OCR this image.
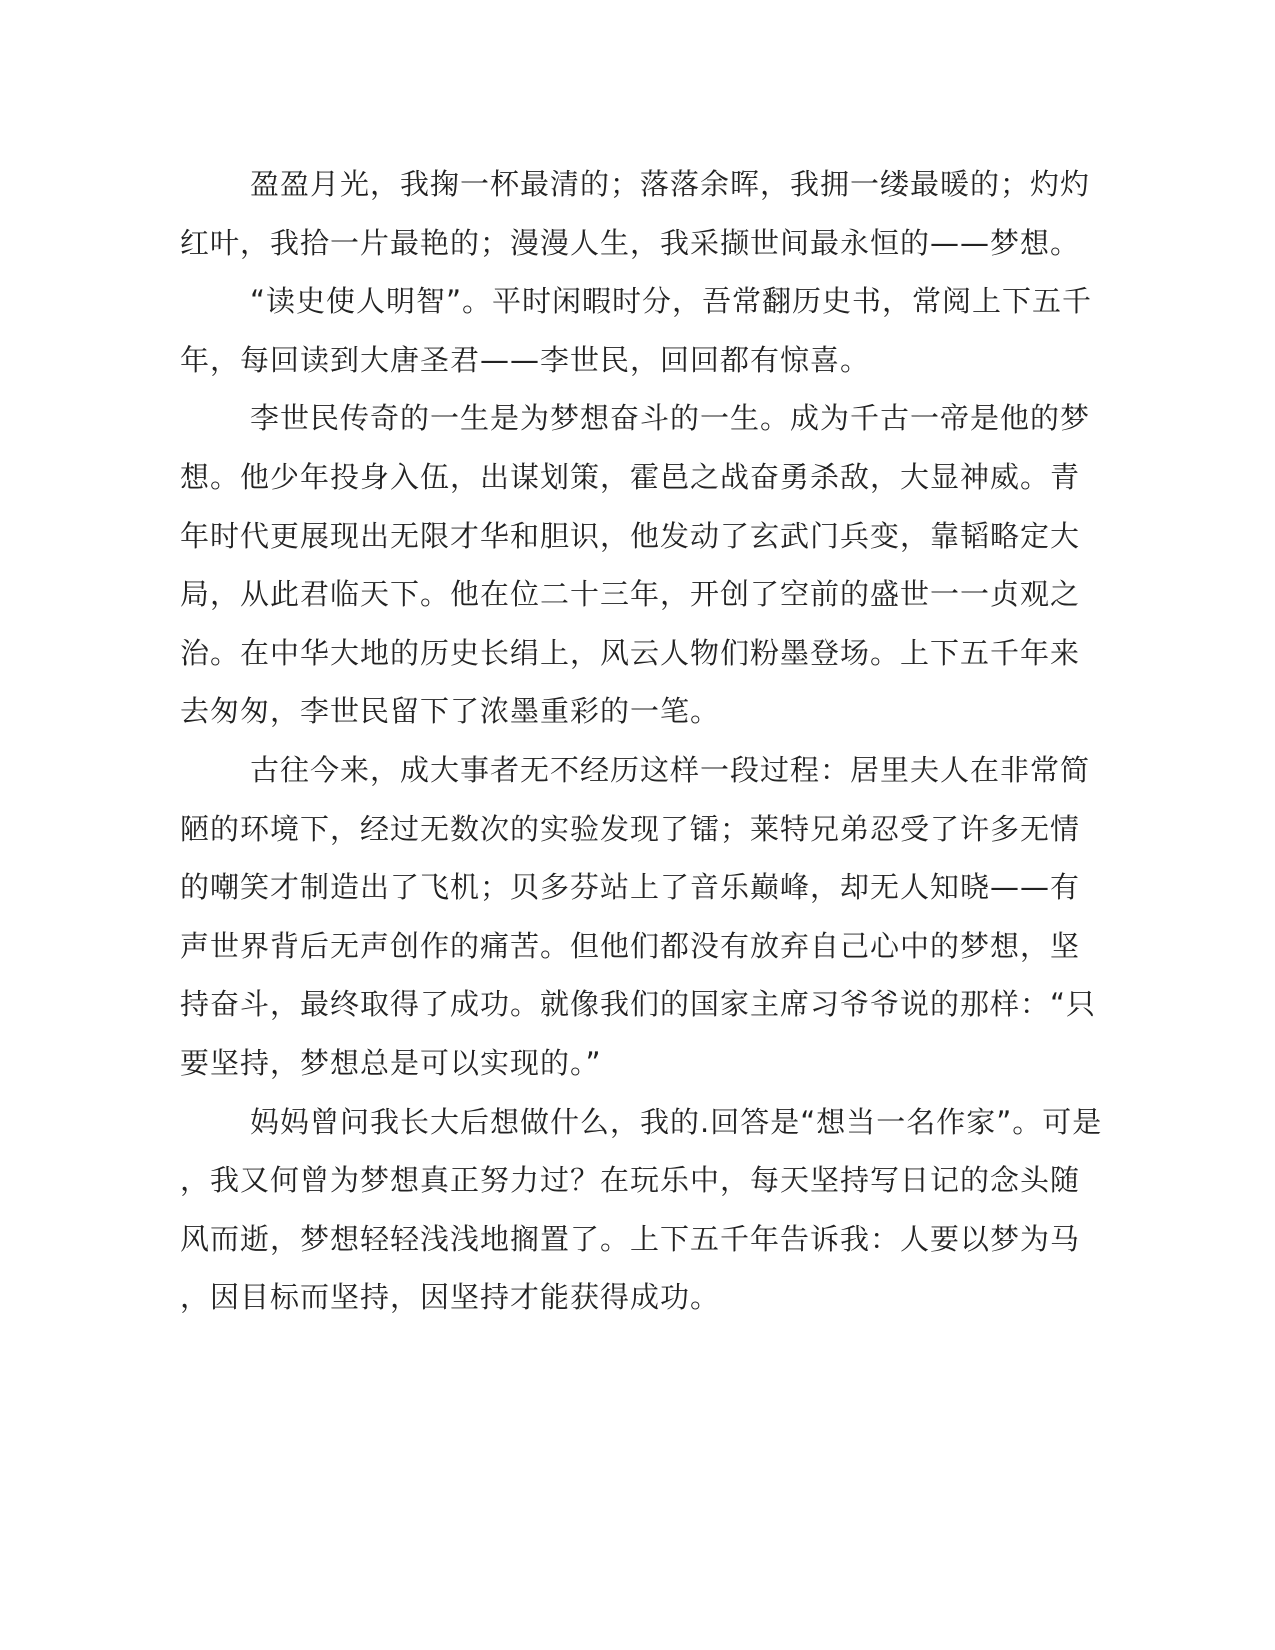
盈盈月光，我掬一杯最清的；落落余晖，我拥一缕最暖的；灼灼
红叶，我拾一片最艳的；漫漫人生，我采撷世间最永恒的——梦想。
“读史使人明智”。平时闲暇时分，吾常翻历史书，常阅上下五千
年，每回读到大唐圣君——李世民，回回都有惊喜。
李世民传奇的一生是为梦想奋斗的一生。成为千古一帝是他的梦
想。他少年投身入伍，出谋划策，霍邑之战奋勇杀敌，大显神威。青
年时代更展现出无限才华和胆识，他发动了玄武门兵变，靠韬略定大
局，从此君临天下。他在位二十三年，开创了空前的盛世一一贞观之
治。在中华大地的历史长绢上，风云人物们粉墨登场。上下五千年来
去匆匆，李世民留下了浓墨重彩的一笔。
古往今来，成大事者无不经历这样一段过程：居里夫人在非常简
陋的环境下，经过无数次的实验发现了镭；莱特兄弟忍受了许多无情
的嘲笑才制造出了飞机；贝多芬站上了音乐巅峰，却无人知晓——有
声世界背后无声创作的痛苦。但他们都没有放弃自己心中的梦想，坚
持奋斗，最终取得了成功。就像我们的国家主席习爷爷说的那样：“只
要坚持，梦想总是可以实现的。”
妈妈曾问我长大后想做什么，我的.回答是“想当一名作家”。可是
，我又何曾为梦想真正努力过？在玩乐中，每天坚持写日记的念头随
风而逝，梦想轻轻浅浅地搁置了。上下五千年告诉我：人要以梦为马
，因目标而坚持，因坚持才能获得成功。
